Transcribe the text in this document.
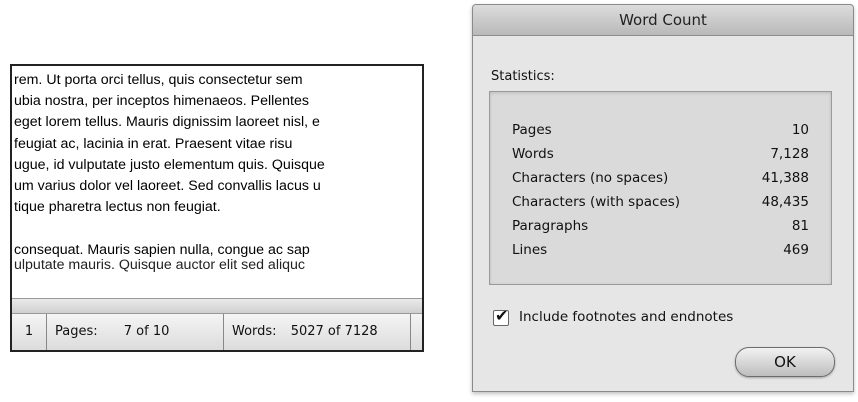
rem. Ut porta orci tellus, quis consectetur sem
ubia nostra, per inceptos himenaeos. Pellentes
eget lorem tellus. Mauris dignissim laoreet nisl, e
feugiat ac, lacinia in erat. Praesent vitae risu
ugue, id vulputate justo elementum quis. Quisque
um varius dolor vel laoreet. Sed convallis lacus u
tique pharetra lectus non feugiat.
consequat. Mauris sapien nulla, congue ac sap
ulputate mauris. Quisque auctor elit sed aliquc
1	Pages: 7 of 10	Words: 5027 of 7128
Word Count
Statistics:
Pages	10
Words	7,128
Characters (no spaces)	41,388
Characters (with spaces)	48,435
Paragraphs	81
Lines	469
✔
Include footnotes and endnotes
OK
